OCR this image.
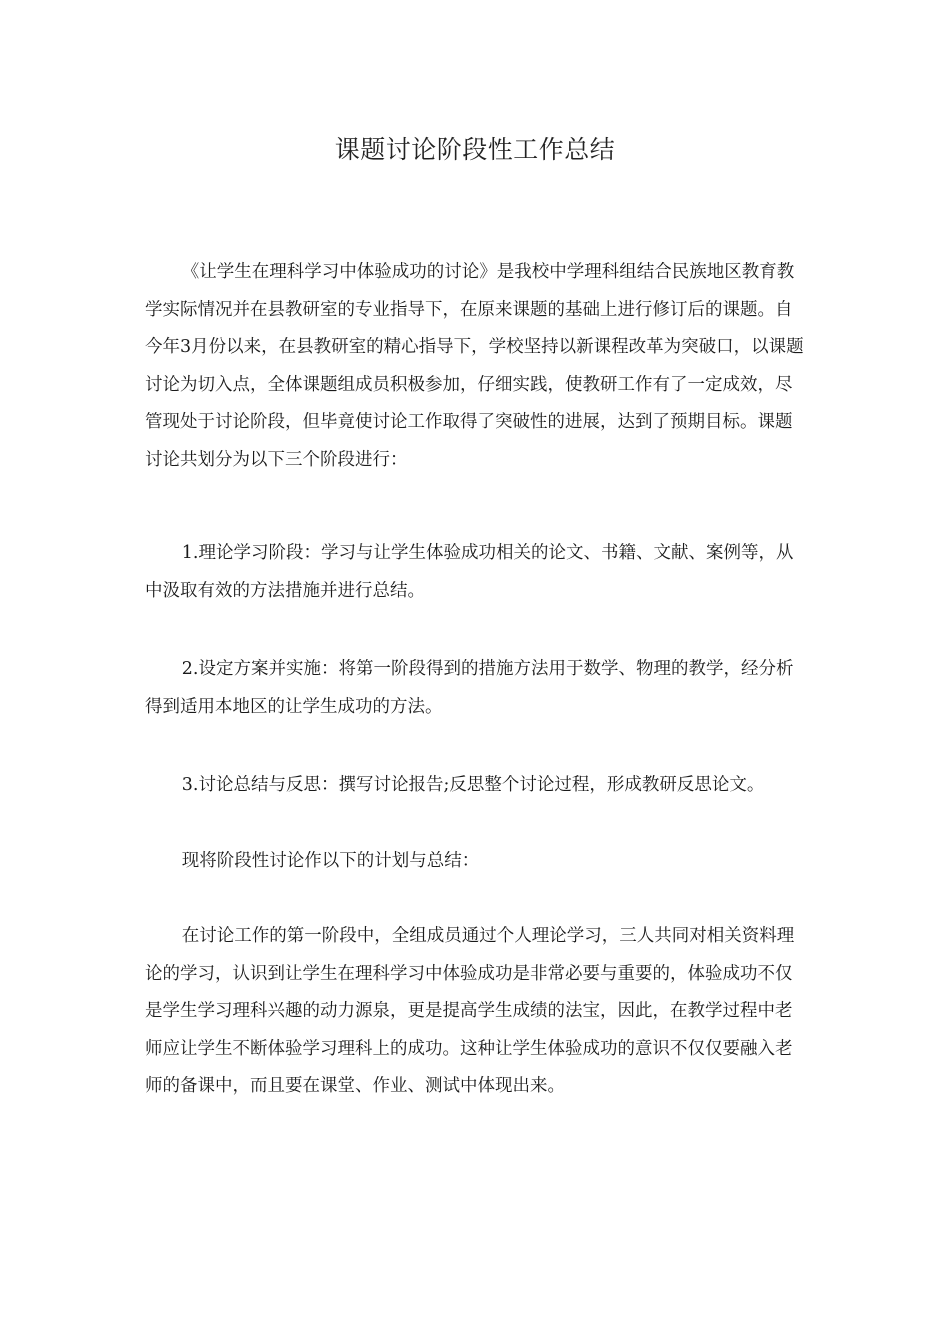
课题讨论阶段性工作总结

《让学生在理科学习中体验成功的讨论》是我校中学理科组结合民族地区教育教学实际情况并在县教研室的专业指导下，在原来课题的基础上进行修订后的课题。自今年3月份以来，在县教研室的精心指导下，学校坚持以新课程改革为突破口，以课题讨论为切入点，全体课题组成员积极参加，仔细实践，使教研工作有了一定成效，尽管现处于讨论阶段，但毕竟使讨论工作取得了突破性的进展，达到了预期目标。课题讨论共划分为以下三个阶段进行：

1.理论学习阶段：学习与让学生体验成功相关的论文、书籍、文献、案例等，从中汲取有效的方法措施并进行总结。

2.设定方案并实施：将第一阶段得到的措施方法用于数学、物理的教学，经分析得到适用本地区的让学生成功的方法。

3.讨论总结与反思：撰写讨论报告;反思整个讨论过程，形成教研反思论文。

现将阶段性讨论作以下的计划与总结：

在讨论工作的第一阶段中，全组成员通过个人理论学习，三人共同对相关资料理论的学习，认识到让学生在理科学习中体验成功是非常必要与重要的，体验成功不仅是学生学习理科兴趣的动力源泉，更是提高学生成绩的法宝，因此，在教学过程中老师应让学生不断体验学习理科上的成功。这种让学生体验成功的意识不仅仅要融入老师的备课中，而且要在课堂、作业、测试中体现出来。
